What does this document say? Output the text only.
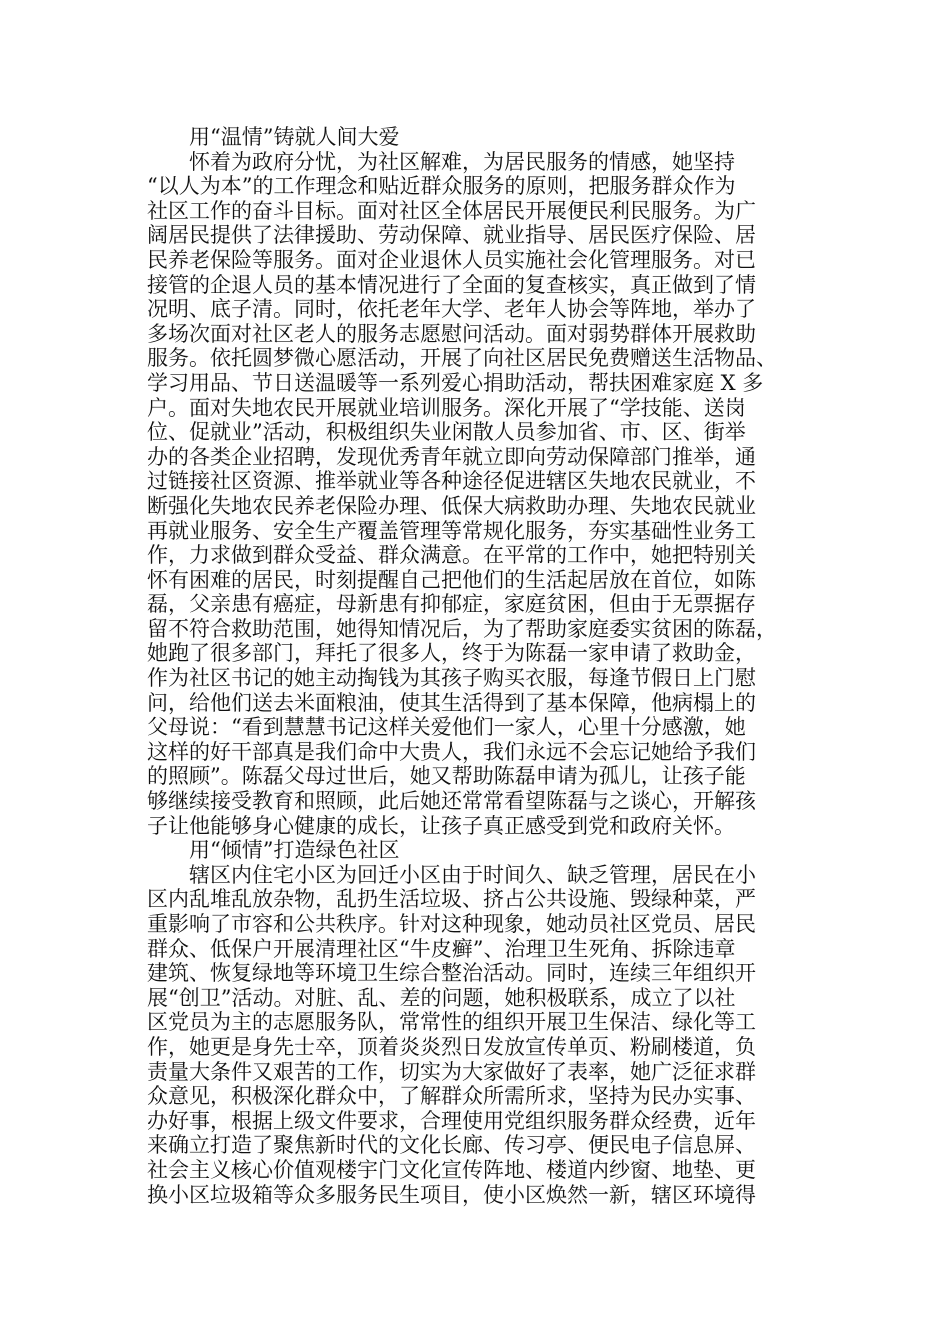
用“温情”铸就人间大爱
怀着为政府分忧，为社区解难，为居民服务的情感，她坚持
“以人为本”的工作理念和贴近群众服务的原则，把服务群众作为
社区工作的奋斗目标。面对社区全体居民开展便民利民服务。为广
阔居民提供了法律援助、劳动保障、就业指导、居民医疗保险、居
民养老保险等服务。面对企业退休人员实施社会化管理服务。对已
接管的企退人员的基本情况进行了全面的复查核实，真正做到了情
况明、底子清。同时，依托老年大学、老年人协会等阵地，举办了
多场次面对社区老人的服务志愿慰问活动。面对弱势群体开展救助
服务。依托圆梦微心愿活动，开展了向社区居民免费赠送生活物品、
学习用品、节日送温暖等一系列爱心捐助活动，帮扶困难家庭 X 多
户。面对失地农民开展就业培训服务。深化开展了“学技能、送岗
位、促就业”活动，积极组织失业闲散人员参加省、市、区、街举
办的各类企业招聘，发现优秀青年就立即向劳动保障部门推举，通
过链接社区资源、推举就业等各种途径促进辖区失地农民就业，不
断强化失地农民养老保险办理、低保大病救助办理、失地农民就业
再就业服务、安全生产覆盖管理等常规化服务，夯实基础性业务工
作，力求做到群众受益、群众满意。在平常的工作中，她把特别关
怀有困难的居民，时刻提醒自己把他们的生活起居放在首位，如陈
磊，父亲患有癌症，母新患有抑郁症，家庭贫困，但由于无票据存
留不符合救助范围，她得知情况后，为了帮助家庭委实贫困的陈磊，
她跑了很多部门，拜托了很多人，终于为陈磊一家申请了救助金，
作为社区书记的她主动掏钱为其孩子购买衣服，每逢节假日上门慰
问，给他们送去米面粮油，使其生活得到了基本保障，他病榻上的
父母说：“看到慧慧书记这样关爱他们一家人，心里十分感激，她
这样的好干部真是我们命中大贵人，我们永远不会忘记她给予我们
的照顾”。陈磊父母过世后，她又帮助陈磊申请为孤儿，让孩子能
够继续接受教育和照顾，此后她还常常看望陈磊与之谈心，开解孩
子让他能够身心健康的成长，让孩子真正感受到党和政府关怀。
用“倾情”打造绿色社区
辖区内住宅小区为回迁小区由于时间久、缺乏管理，居民在小
区内乱堆乱放杂物，乱扔生活垃圾、挤占公共设施、毁绿种菜，严
重影响了市容和公共秩序。针对这种现象，她动员社区党员、居民
群众、低保户开展清理社区“牛皮癣”、治理卫生死角、拆除违章
建筑、恢复绿地等环境卫生综合整治活动。同时，连续三年组织开
展“创卫”活动。对脏、乱、差的问题，她积极联系，成立了以社
区党员为主的志愿服务队，常常性的组织开展卫生保洁、绿化等工
作，她更是身先士卒，顶着炎炎烈日发放宣传单页、粉刷楼道，负
责量大条件又艰苦的工作，切实为大家做好了表率，她广泛征求群
众意见，积极深化群众中，了解群众所需所求，坚持为民办实事、
办好事，根据上级文件要求，合理使用党组织服务群众经费，近年
来确立打造了聚焦新时代的文化长廊、传习亭、便民电子信息屏、
社会主义核心价值观楼宇门文化宣传阵地、楼道内纱窗、地垫、更
换小区垃圾箱等众多服务民生项目，使小区焕然一新，辖区环境得
